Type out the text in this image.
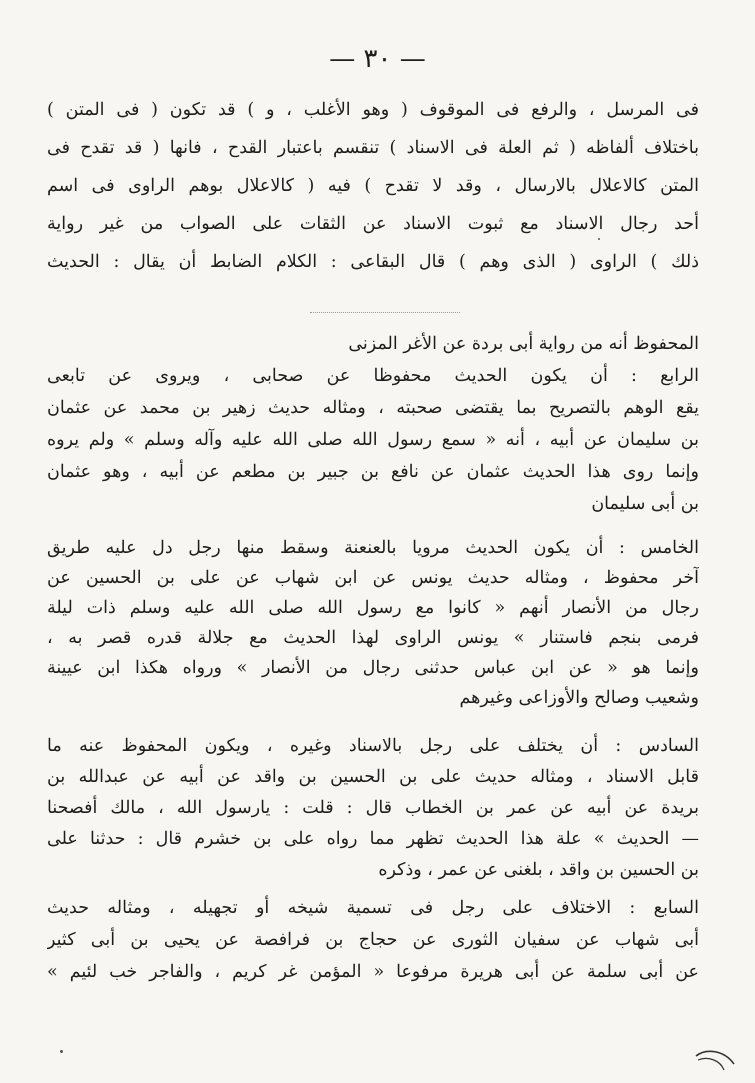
— ٣٠ —
فى المرسل ، والرفع فى الموقوف ( وهو الأغلب ، و ) قد تكون ( فى المتن )
باختلاف ألفاظه ( ثم العلة فى الاسناد ) تنقسم باعتبار القدح ، فانها ( قد تقدح فى
المتن كالاعلال بالارسال ، وقد لا تقدح ) فيه ( كالاعلال بوهم الراوى فى اسم
أحد رجال الاسناد مع ثبوت الاسناد عن الثقات على الصواب من غير رواية
ذلك ) الراوى ( الذى وهم ) قال البقاعى : الكلام الضابط أن يقال : الحديث
المحفوظ أنه من رواية أبى بردة عن الأغر المزنى
الرابع : أن يكون الحديث محفوظا عن صحابى ، ويروى عن تابعى
يقع الوهم بالتصريح بما يقتضى صحبته ، ومثاله حديث زهير بن محمد عن عثمان
بن سليمان عن أبيه ، أنه « سمع رسول الله صلى الله عليه وآله وسلم » ولم يروه
وإنما روى هذا الحديث عثمان عن نافع بن جبير بن مطعم عن أبيه ، وهو عثمان
بن أبى سليمان
الخامس : أن يكون الحديث مرويا بالعنعنة وسقط منها رجل دل عليه طريق
آخر محفوظ ، ومثاله حديث يونس عن ابن شهاب عن على بن الحسين عن
رجال من الأنصار أنهم « كانوا مع رسول الله صلى الله عليه وسلم ذات ليلة
فرمى بنجم فاستنار » يونس الراوى لهذا الحديث مع جلالة قدره قصر به ،
وإنما هو « عن ابن عباس حدثنى رجال من الأنصار » ورواه هكذا ابن عيينة
وشعيب وصالح والأوزاعى وغيرهم
السادس : أن يختلف على رجل بالاسناد وغيره ، ويكون المحفوظ عنه ما
قابل الاسناد ، ومثاله حديث على بن الحسين بن واقد عن أبيه عن عبدالله بن
بريدة عن أبيه عن عمر بن الخطاب قال : قلت : يارسول الله ، مالك أفصحنا
— الحديث » علة هذا الحديث تظهر مما رواه على بن خشرم قال : حدثنا على
بن الحسين بن واقد ، بلغنى عن عمر ، وذكره
السابع : الاختلاف على رجل فى تسمية شيخه أو تجهيله ، ومثاله حديث
أبى شهاب عن سفيان الثورى عن حجاج بن فرافصة عن يحيى بن أبى كثير
عن أبى سلمة عن أبى هريرة مرفوعا « المؤمن غر كريم ، والفاجر خب لئيم »
